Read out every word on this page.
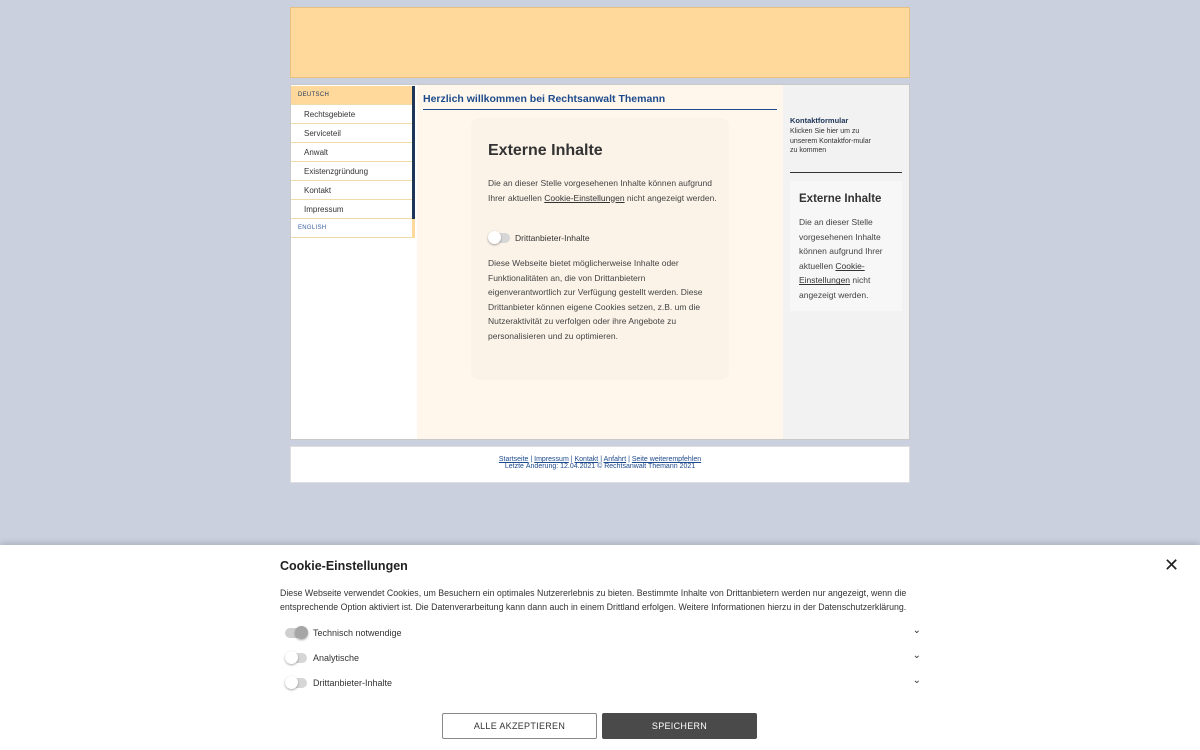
DEUTSCH
Rechtsgebiete
Serviceteil
Anwalt
Existenzgründung
Kontakt
Impressum
ENGLISH
Herzlich willkommen bei Rechtsanwalt Themann
Externe Inhalte
Die an dieser Stelle vorgesehenen Inhalte können aufgrund Ihrer aktuellen Cookie-Einstellungen nicht angezeigt werden.
Drittanbieter-Inhalte
Diese Webseite bietet möglicherweise Inhalte oder Funktionalitäten an, die von Drittanbietern eigenverantwortlich zur Verfügung gestellt werden. Diese Drittanbieter können eigene Cookies setzen, z.B. um die Nutzeraktivität zu verfolgen oder ihre Angebote zu personalisieren und zu optimieren.
Kontaktformular
Klicken Sie hier um zu unserem Kontaktfor-mular zu kommen
Externe Inhalte

Die an dieser Stelle vorgesehenen Inhalte können aufgrund Ihrer aktuellen Cookie-Einstellungen nicht angezeigt werden.

Startseite | Impressum | Kontakt | Anfahrt | Seite weiterempfehlen
Letzte Änderung: 12.04.2021 © Rechtsanwalt Themann 2021
Cookie-Einstellungen	✕
Diese Webseite verwendet Cookies, um Besuchern ein optimales Nutzererlebnis zu bieten. Bestimmte Inhalte von Drittanbietern werden nur angezeigt, wenn die entsprechende Option aktiviert ist. Die Datenverarbeitung kann dann auch in einem Drittland erfolgen. Weitere Informationen hierzu in der Datenschutzerklärung.
Technisch notwendige	⌄
Analytische	⌄
Drittanbieter-Inhalte	⌄
ALLE AKZEPTIEREN	SPEICHERN
